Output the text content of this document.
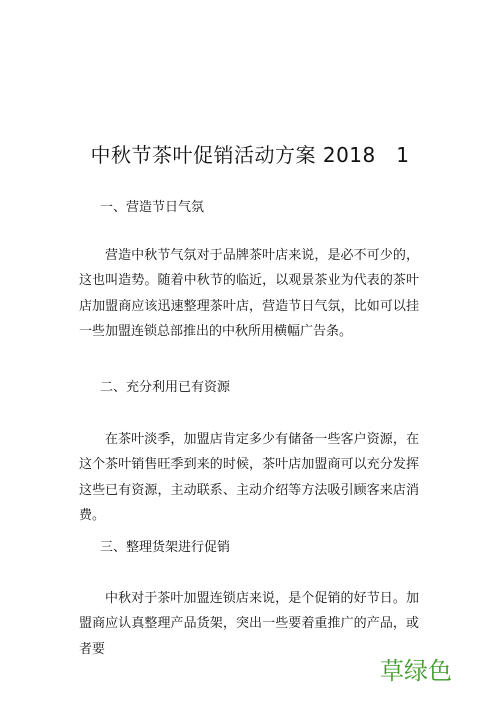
中秋节茶叶促销活动方案 2018　1
一、营造节日气氛

营造中秋节气氛对于品牌茶叶店来说，是必不可少的，这也叫造势。随着中秋节的临近，以观景茶业为代表的茶叶店加盟商应该迅速整理茶叶店，营造节日气氛，比如可以挂一些加盟连锁总部推出的中秋所用横幅广告条。

二、充分利用已有资源

在茶叶淡季，加盟店肯定多少有储备一些客户资源，在这个茶叶销售旺季到来的时候，茶叶店加盟商可以充分发挥这些已有资源，主动联系、主动介绍等方法吸引顾客来店消费。

三、整理货架进行促销

中秋对于茶叶加盟连锁店来说，是个促销的好节日。加盟商应认真整理产品货架，突出一些要着重推广的产品，或者要

草绿色
